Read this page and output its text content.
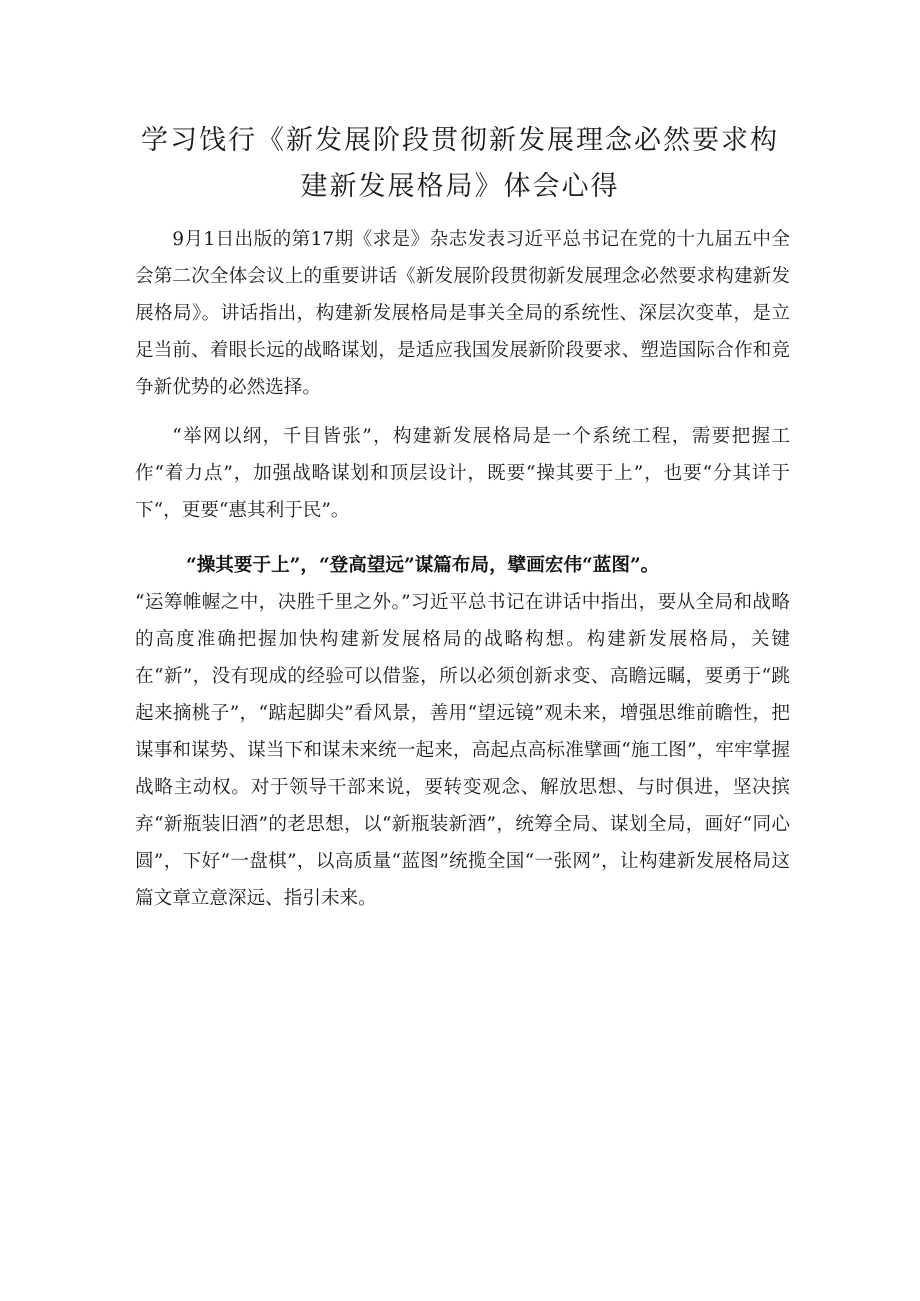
学习饯行《新发展阶段贯彻新发展理念必然要求构
建新发展格局》体会心得

9月1日出版的第17期《求是》杂志发表习近平总书记在党的十九届五中全会第二次全体会议上的重要讲话《新发展阶段贯彻新发展理念必然要求构建新发展格局》。讲话指出，构建新发展格局是事关全局的系统性、深层次变革，是立足当前、着眼长远的战略谋划，是适应我国发展新阶段要求、塑造国际合作和竞争新优势的必然选择。

“举网以纲，千目皆张”，构建新发展格局是一个系统工程，需要把握工作“着力点”，加强战略谋划和顶层设计，既要“操其要于上”，也要“分其详于下“，更要“惠其利于民”。

“操其要于上”，“登高望远”谋篇布局，擘画宏伟“蓝图”。

“运筹帷幄之中，决胜千里之外。”习近平总书记在讲话中指出，要从全局和战略的高度准确把握加快构建新发展格局的战略构想。构建新发展格局，关键在“新”，没有现成的经验可以借鉴，所以必须创新求变、高瞻远瞩，要勇于“跳起来摘桃子”，“踮起脚尖”看风景，善用“望远镜”观未来，增强思维前瞻性，把谋事和谋势、谋当下和谋未来统一起来，高起点高标准擘画“施工图”，牢牢掌握战略主动权。对于领导干部来说，要转变观念、解放思想、与时俱进，坚决摈弃“新瓶装旧酒”的老思想，以“新瓶装新酒”，统筹全局、谋划全局，画好“同心圆”，下好“一盘棋”，以高质量“蓝图”统揽全国“一张网”，让构建新发展格局这篇文章立意深远、指引未来。
